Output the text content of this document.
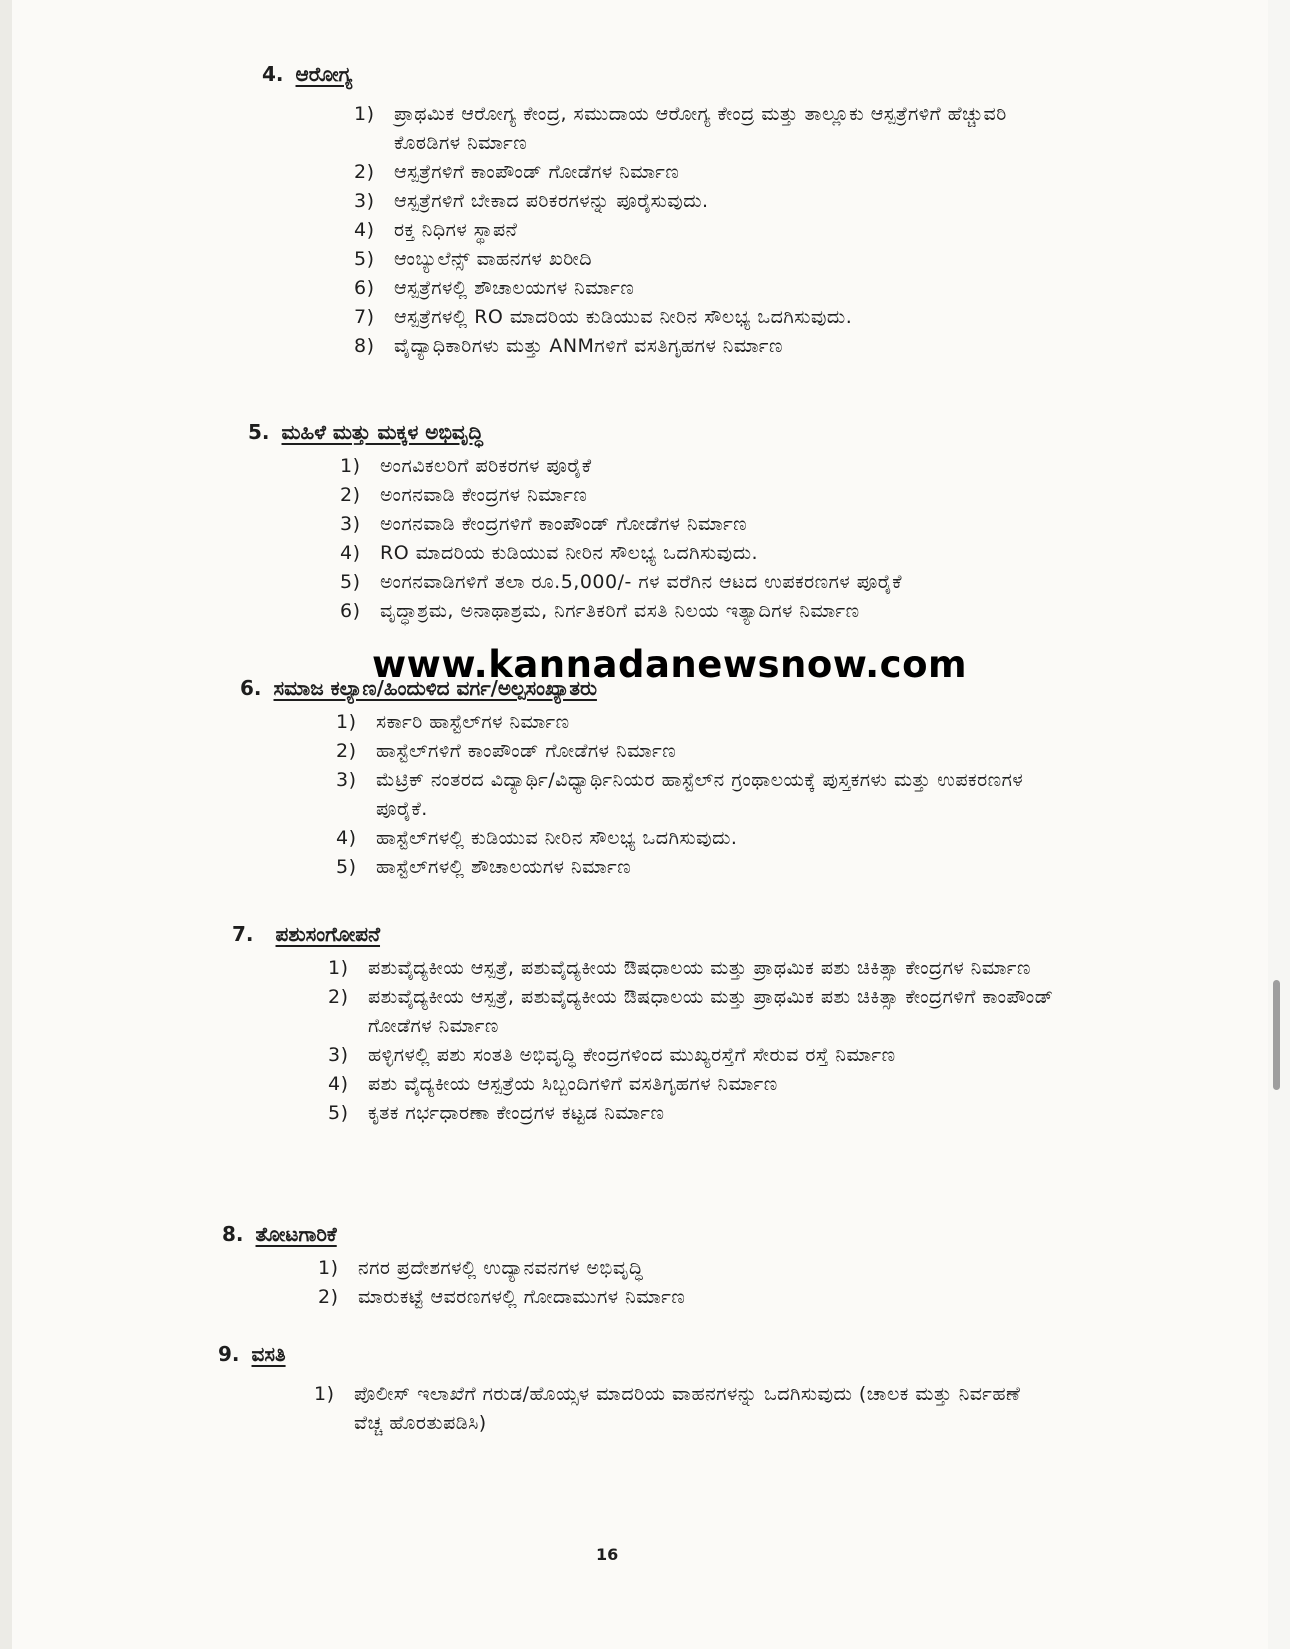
4. ಆರೋಗ್ಯ
1)	ಪ್ರಾಥಮಿಕ ಆರೋಗ್ಯ ಕೇಂದ್ರ, ಸಮುದಾಯ ಆರೋಗ್ಯ ಕೇಂದ್ರ ಮತ್ತು ತಾಲ್ಲೂಕು ಆಸ್ಪತ್ರೆಗಳಿಗೆ ಹೆಚ್ಚುವರಿ ಕೊಠಡಿಗಳ ನಿರ್ಮಾಣ
2)	ಆಸ್ಪತ್ರೆಗಳಿಗೆ ಕಾಂಪೌಂಡ್ ಗೋಡೆಗಳ ನಿರ್ಮಾಣ
3)	ಆಸ್ಪತ್ರೆಗಳಿಗೆ ಬೇಕಾದ ಪರಿಕರಗಳನ್ನು ಪೂರೈಸುವುದು.
4)	ರಕ್ತ ನಿಧಿಗಳ ಸ್ಥಾಪನೆ
5)	ಆಂಬ್ಯುಲೆನ್ಸ್ ವಾಹನಗಳ ಖರೀದಿ
6)	ಆಸ್ಪತ್ರೆಗಳಲ್ಲಿ ಶೌಚಾಲಯಗಳ ನಿರ್ಮಾಣ
7)	ಆಸ್ಪತ್ರೆಗಳಲ್ಲಿ RO ಮಾದರಿಯ ಕುಡಿಯುವ ನೀರಿನ ಸೌಲಭ್ಯ ಒದಗಿಸುವುದು.
8)	ವೈದ್ಯಾಧಿಕಾರಿಗಳು ಮತ್ತು ANMಗಳಿಗೆ ವಸತಿಗೃಹಗಳ ನಿರ್ಮಾಣ
5. ಮಹಿಳೆ ಮತ್ತು ಮಕ್ಕಳ ಅಭಿವೃದ್ಧಿ
1)	ಅಂಗವಿಕಲರಿಗೆ ಪರಿಕರಗಳ ಪೂರೈಕೆ
2)	ಅಂಗನವಾಡಿ ಕೇಂದ್ರಗಳ ನಿರ್ಮಾಣ
3)	ಅಂಗನವಾಡಿ ಕೇಂದ್ರಗಳಿಗೆ ಕಾಂಪೌಂಡ್ ಗೋಡೆಗಳ ನಿರ್ಮಾಣ
4)	RO ಮಾದರಿಯ ಕುಡಿಯುವ ನೀರಿನ ಸೌಲಭ್ಯ ಒದಗಿಸುವುದು.
5)	ಅಂಗನವಾಡಿಗಳಿಗೆ ತಲಾ ರೂ.5,000/- ಗಳ ವರೆಗಿನ ಆಟದ ಉಪಕರಣಗಳ ಪೂರೈಕೆ
6)	ವೃದ್ಧಾಶ್ರಮ, ಅನಾಥಾಶ್ರಮ, ನಿರ್ಗತಿಕರಿಗೆ ವಸತಿ ನಿಲಯ ಇತ್ಯಾದಿಗಳ ನಿರ್ಮಾಣ
6. ಸಮಾಜ ಕಲ್ಯಾಣ/ಹಿಂದುಳಿದ ವರ್ಗ/ಅಲ್ಪಸಂಖ್ಯಾತರು
1)	ಸರ್ಕಾರಿ ಹಾಸ್ಟೆಲ್‌ಗಳ ನಿರ್ಮಾಣ
2)	ಹಾಸ್ಟೆಲ್‌ಗಳಿಗೆ ಕಾಂಪೌಂಡ್ ಗೋಡೆಗಳ ನಿರ್ಮಾಣ
3)	ಮೆಟ್ರಿಕ್ ನಂತರದ ವಿದ್ಯಾರ್ಥಿ/ವಿಧ್ಯಾರ್ಥಿನಿಯರ ಹಾಸ್ಟೆಲ್‌ನ ಗ್ರಂಥಾಲಯಕ್ಕೆ ಪುಸ್ತಕಗಳು ಮತ್ತು ಉಪಕರಣಗಳ ಪೂರೈಕೆ.
4)	ಹಾಸ್ಟೆಲ್‌ಗಳಲ್ಲಿ ಕುಡಿಯುವ ನೀರಿನ ಸೌಲಭ್ಯ ಒದಗಿಸುವುದು.
5)	ಹಾಸ್ಟೆಲ್‌ಗಳಲ್ಲಿ ಶೌಚಾಲಯಗಳ ನಿರ್ಮಾಣ
7. ಪಶುಸಂಗೋಪನೆ
1)	ಪಶುವೈದ್ಯಕೀಯ ಆಸ್ಪತ್ರೆ, ಪಶುವೈದ್ಯಕೀಯ ಔಷಧಾಲಯ ಮತ್ತು ಪ್ರಾಥಮಿಕ ಪಶು ಚಿಕಿತ್ಸಾ ಕೇಂದ್ರಗಳ ನಿರ್ಮಾಣ
2)	ಪಶುವೈದ್ಯಕೀಯ ಆಸ್ಪತ್ರೆ, ಪಶುವೈದ್ಯಕೀಯ ಔಷಧಾಲಯ ಮತ್ತು ಪ್ರಾಥಮಿಕ ಪಶು ಚಿಕಿತ್ಸಾ ಕೇಂದ್ರಗಳಿಗೆ ಕಾಂಪೌಂಡ್ ಗೋಡೆಗಳ ನಿರ್ಮಾಣ
3)	ಹಳ್ಳಿಗಳಲ್ಲಿ ಪಶು ಸಂತತಿ ಅಭಿವೃದ್ಧಿ ಕೇಂದ್ರಗಳಿಂದ ಮುಖ್ಯರಸ್ತೆಗೆ ಸೇರುವ ರಸ್ತೆ ನಿರ್ಮಾಣ
4)	ಪಶು ವೈದ್ಯಕೀಯ ಆಸ್ಪತ್ರೆಯ ಸಿಬ್ಬಂದಿಗಳಿಗೆ ವಸತಿಗೃಹಗಳ ನಿರ್ಮಾಣ
5)	ಕೃತಕ ಗರ್ಭಧಾರಣಾ ಕೇಂದ್ರಗಳ ಕಟ್ಟಡ ನಿರ್ಮಾಣ
8. ತೋಟಗಾರಿಕೆ
1)	ನಗರ ಪ್ರದೇಶಗಳಲ್ಲಿ ಉದ್ಯಾನವನಗಳ ಅಭಿವೃದ್ಧಿ
2)	ಮಾರುಕಟ್ಟೆ ಆವರಣಗಳಲ್ಲಿ ಗೋದಾಮುಗಳ ನಿರ್ಮಾಣ
9. ವಸತಿ
1)	ಪೊಲೀಸ್ ಇಲಾಖೆಗೆ ಗರುಡ/ಹೊಯ್ಸಳ ಮಾದರಿಯ ವಾಹನಗಳನ್ನು ಒದಗಿಸುವುದು (ಚಾಲಕ ಮತ್ತು ನಿರ್ವಹಣೆ ವೆಚ್ಚ ಹೊರತುಪಡಿಸಿ)
www.kannadanewsnow.com
16
